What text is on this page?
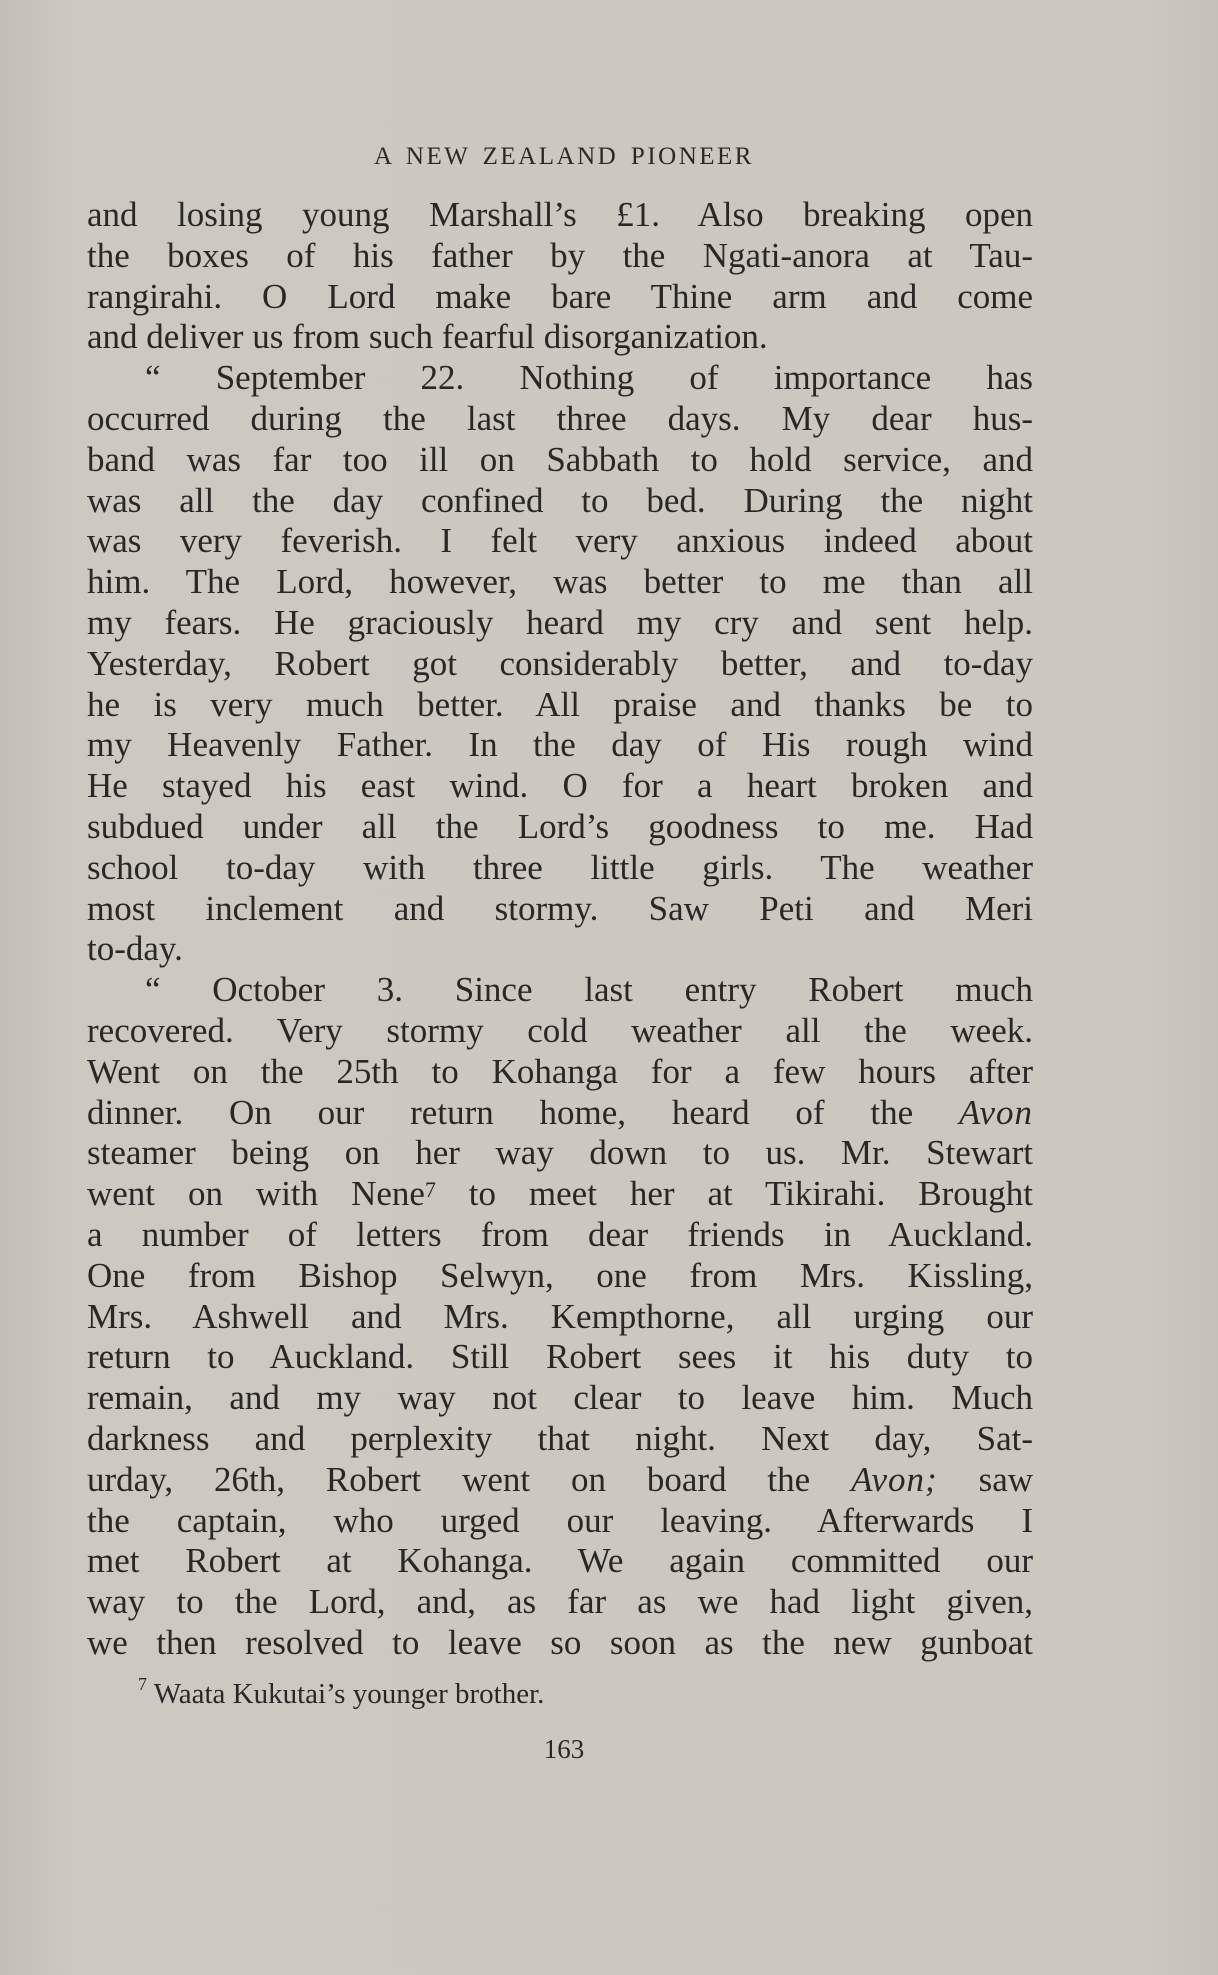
A NEW ZEALAND PIONEER
and losing young Marshall’s £1. Also breaking open
the boxes of his father by the Ngati-anora at Tau-
rangirahi. O Lord make bare Thine arm and come
and deliver us from such fearful disorganization.
“ September 22. Nothing of importance has
occurred during the last three days. My dear hus-
band was far too ill on Sabbath to hold service, and
was all the day confined to bed. During the night
was very feverish. I felt very anxious indeed about
him. The Lord, however, was better to me than all
my fears. He graciously heard my cry and sent help.
Yesterday, Robert got considerably better, and to-day
he is very much better. All praise and thanks be to
my Heavenly Father. In the day of His rough wind
He stayed his east wind. O for a heart broken and
subdued under all the Lord’s goodness to me. Had
school to-day with three little girls. The weather
most inclement and stormy. Saw Peti and Meri
to-day.
“ October 3. Since last entry Robert much
recovered. Very stormy cold weather all the week.
Went on the 25th to Kohanga for a few hours after
dinner. On our return home, heard of the Avon
steamer being on her way down to us. Mr. Stewart
went on with Nene$^7$ to meet her at Tikirahi. Brought
a number of letters from dear friends in Auckland.
One from Bishop Selwyn, one from Mrs. Kissling,
Mrs. Ashwell and Mrs. Kempthorne, all urging our
return to Auckland. Still Robert sees it his duty to
remain, and my way not clear to leave him. Much
darkness and perplexity that night. Next day, Sat-
urday, 26th, Robert went on board the Avon; saw
the captain, who urged our leaving. Afterwards I
met Robert at Kohanga. We again committed our
way to the Lord, and, as far as we had light given,
we then resolved to leave so soon as the new gunboat
$^7$ Waata Kukutai’s younger brother.
163
